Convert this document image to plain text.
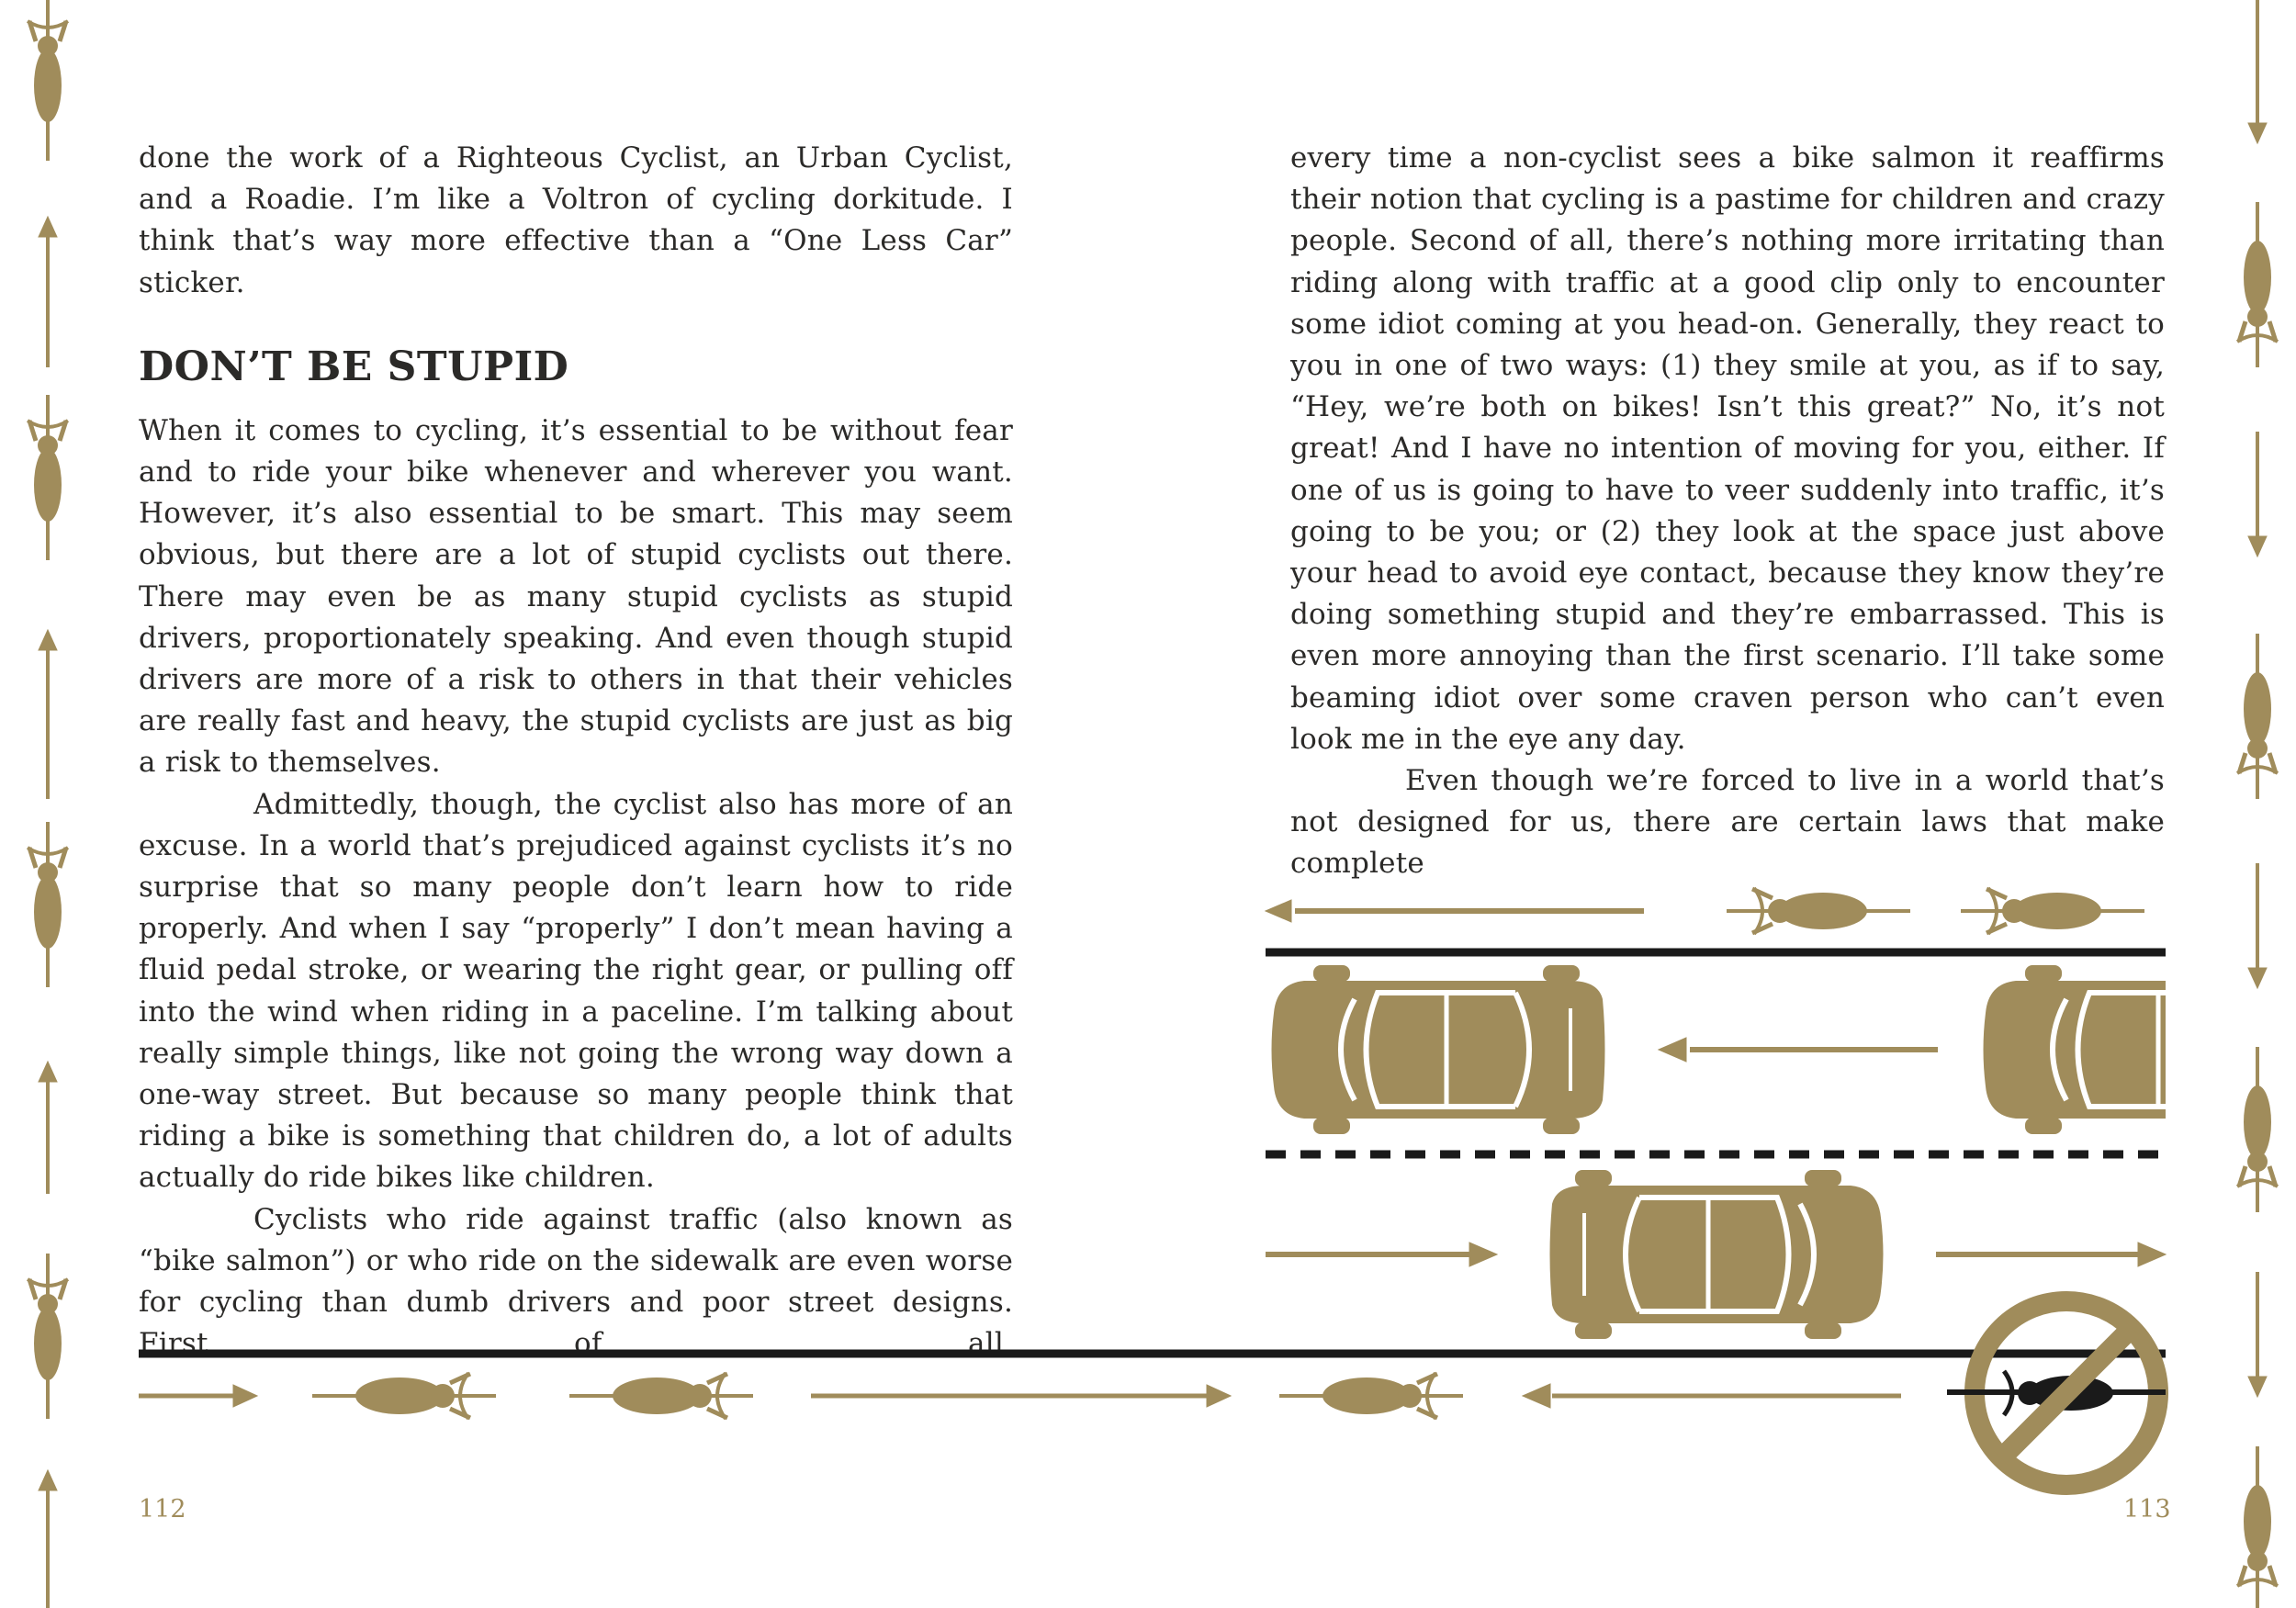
done the work of a Righteous Cyclist, an Urban Cyclist, and a Roadie. I’m like a Voltron of cycling dorkitude. I think that’s way more effective than a “One Less Car” sticker.

DON’T BE STUPID

When it comes to cycling, it’s essential to be without fear and to ride your bike whenever and wherever you want. However, it’s also essential to be smart. This may seem obvious, but there are a lot of stupid cyclists out there. There may even be as many stupid cyclists as stupid drivers, proportionately speaking. And even though stupid drivers are more of a risk to others in that their vehicles are really fast and heavy, the stupid cyclists are just as big a risk to themselves.

Admittedly, though, the cyclist also has more of an excuse. In a world that’s prejudiced against cyclists it’s no surprise that so many people don’t learn how to ride properly. And when I say “properly” I don’t mean having a fluid pedal stroke, or wearing the right gear, or pulling off into the wind when riding in a paceline. I’m talking about really simple things, like not going the wrong way down a one-way street. But because so many people think that riding a bike is something that children do, a lot of adults actually do ride bikes like children.

Cyclists who ride against traffic (also known as “bike salmon”) or who ride on the sidewalk are even worse for cycling than dumb drivers and poor street designs. First of all,

every time a non-cyclist sees a bike salmon it reaffirms their notion that cycling is a pastime for children and crazy people. Second of all, there’s nothing more irritating than riding along with traffic at a good clip only to encounter some idiot coming at you head-on. Generally, they react to you in one of two ways: (1) they smile at you, as if to say, “Hey, we’re both on bikes! Isn’t this great?” No, it’s not great! And I have no intention of moving for you, either. If one of us is going to have to veer suddenly into traffic, it’s going to be you; or (2) they look at the space just above your head to avoid eye contact, because they know they’re doing something stupid and they’re embarrassed. This is even more annoying than the first scenario. I’ll take some beaming idiot over some craven person who can’t even look me in the eye any day.

Even though we’re forced to live in a world that’s not designed for us, there are certain laws that make complete

112	113
